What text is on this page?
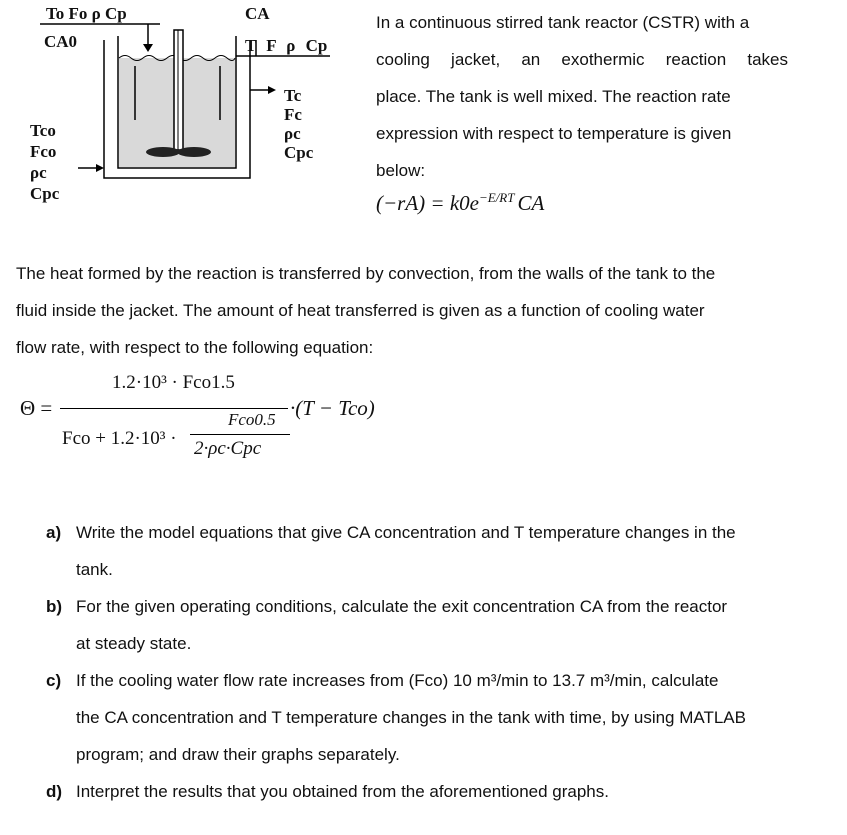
To Fo ρ Cp
CA0
CA
T F ρ Cp
Tc
Fc
ρc
Cpc
Tco
Fco
ρc
Cpc
In a continuous stirred tank reactor (CSTR) with a
cooling jacket, an exothermic reaction takes
place. The tank is well mixed. The reaction rate
expression with respect to temperature is given
below:
$(-rA) = k0e^{-E/RT}$ CA
The heat formed by the reaction is transferred by convection, from the walls of the tank to the
fluid inside the jacket. The amount of heat transferred is given as a function of cooling water
flow rate, with respect to the following equation:
Θ =
1.2·10³ · Fco1.5
Fco + 1.2·10³ ·
Fco0.5
2·ρc·Cpc
·(T − Tco)
a) Write the model equations that give CA concentration and T temperature changes in the
tank.
b) For the given operating conditions, calculate the exit concentration CA from the reactor
at steady state.
c) If the cooling water flow rate increases from (Fco) 10 m³/min to 13.7 m³/min, calculate
the CA concentration and T temperature changes in the tank with time, by using MATLAB
program; and draw their graphs separately.
d) Interpret the results that you obtained from the aforementioned graphs.
